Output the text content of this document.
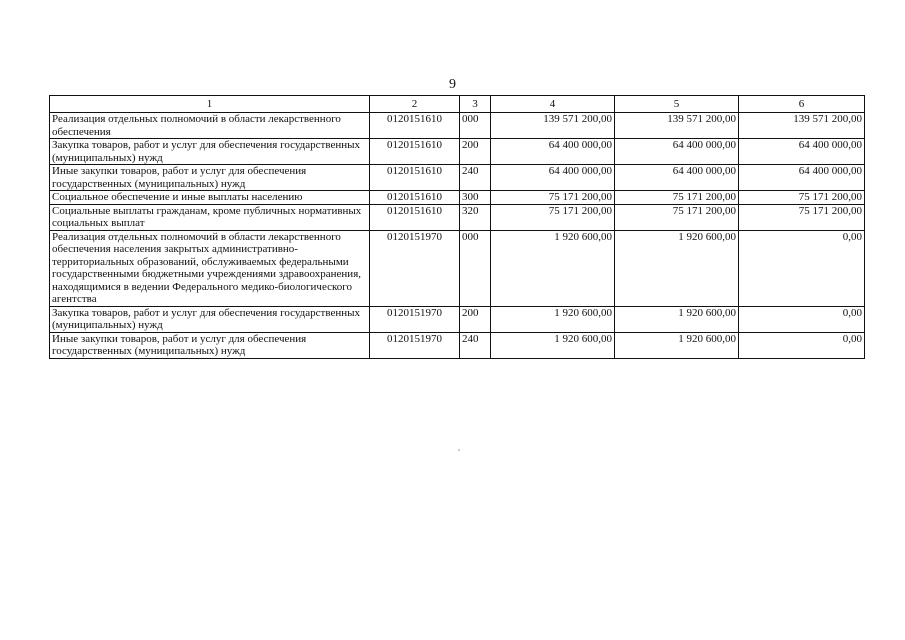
9
1	2	3	4	5	6
Реализация отдельных полномочий в области лекарственного обеспечения	0120151610	000	139 571 200,00	139 571 200,00	139 571 200,00
Закупка товаров, работ и услуг для обеспечения государственных (муниципальных) нужд	0120151610	200	64 400 000,00	64 400 000,00	64 400 000,00
Иные закупки товаров, работ и услуг для обеспечения государственных (муниципальных) нужд	0120151610	240	64 400 000,00	64 400 000,00	64 400 000,00
Социальное обеспечение и иные выплаты населению	0120151610	300	75 171 200,00	75 171 200,00	75 171 200,00
Социальные выплаты гражданам, кроме публичных нормативных социальных выплат	0120151610	320	75 171 200,00	75 171 200,00	75 171 200,00
Реализация отдельных полномочий в области лекарственного обеспечения населения закрытых административно-территориальных образований, обслуживаемых федеральными государственными бюджетными учреждениями здравоохранения, находящимися в ведении Федерального медико-биологического агентства	0120151970	000	1 920 600,00	1 920 600,00	0,00
Закупка товаров, работ и услуг для обеспечения государственных (муниципальных) нужд	0120151970	200	1 920 600,00	1 920 600,00	0,00
Иные закупки товаров, работ и услуг для обеспечения государственных (муниципальных) нужд	0120151970	240	1 920 600,00	1 920 600,00	0,00
